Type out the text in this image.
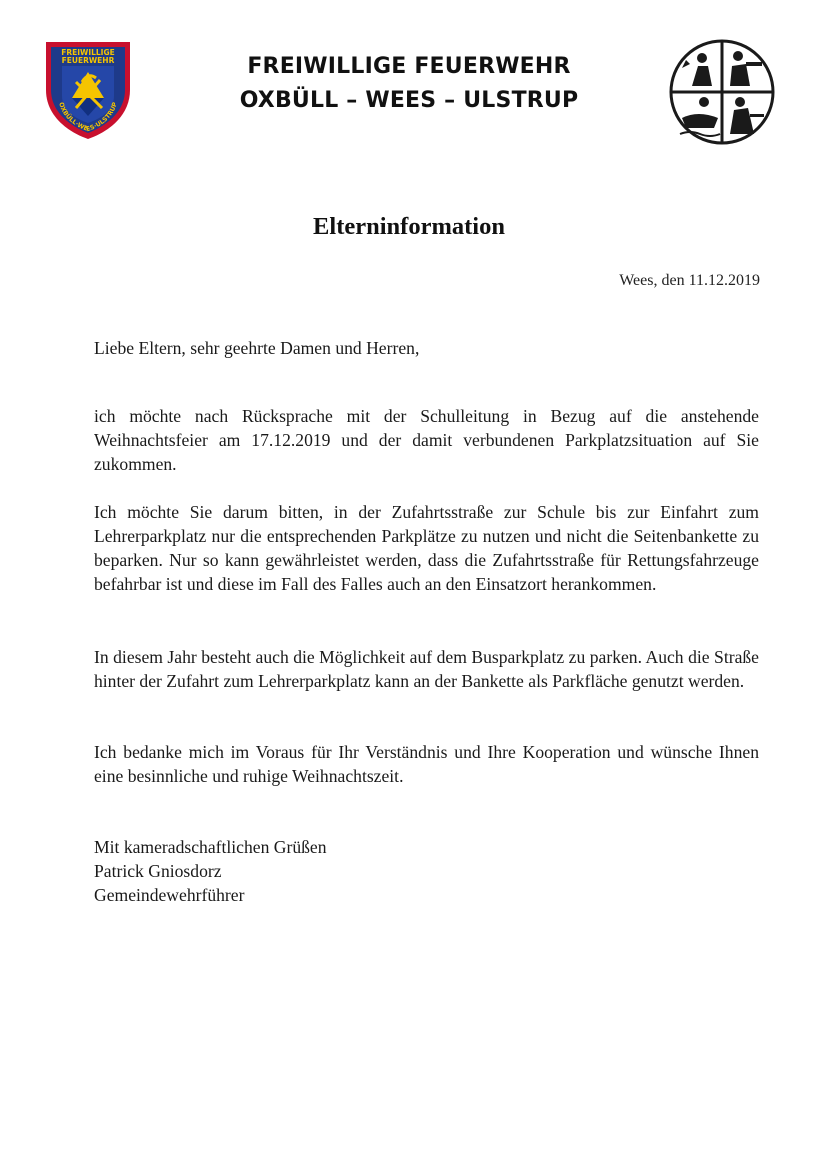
FREIWILLIGE
FEUERWEHR
OXBÜLL·WEES·ULSTRUP
FREIWILLIGE FEUERWEHR
OXBÜLL – WEES – ULSTRUP
Elterninformation
Wees, den 11.12.2019
Liebe Eltern, sehr geehrte Damen und Herren,

ich möchte nach Rücksprache mit der Schulleitung in Bezug auf die anstehende Weihnachtsfeier am 17.12.2019 und der damit verbundenen Parkplatzsituation auf Sie zukommen.

Ich möchte Sie darum bitten, in der Zufahrtsstraße zur Schule bis zur Einfahrt zum Lehrerparkplatz nur die entsprechenden Parkplätze zu nutzen und nicht die Seitenbankette zu beparken. Nur so kann gewährleistet werden, dass die Zufahrtsstraße für Rettungsfahrzeuge befahrbar ist und diese im Fall des Falles auch an den Einsatzort herankommen.

In diesem Jahr besteht auch die Möglichkeit auf dem Busparkplatz zu parken. Auch die Straße hinter der Zufahrt zum Lehrerparkplatz kann an der Bankette als Parkfläche genutzt werden.

Ich bedanke mich im Voraus für Ihr Verständnis und Ihre Kooperation und wünsche Ihnen eine besinnliche und ruhige Weihnachtszeit.

Mit kameradschaftlichen Grüßen
Patrick Gniosdorz
Gemeindewehrführer
